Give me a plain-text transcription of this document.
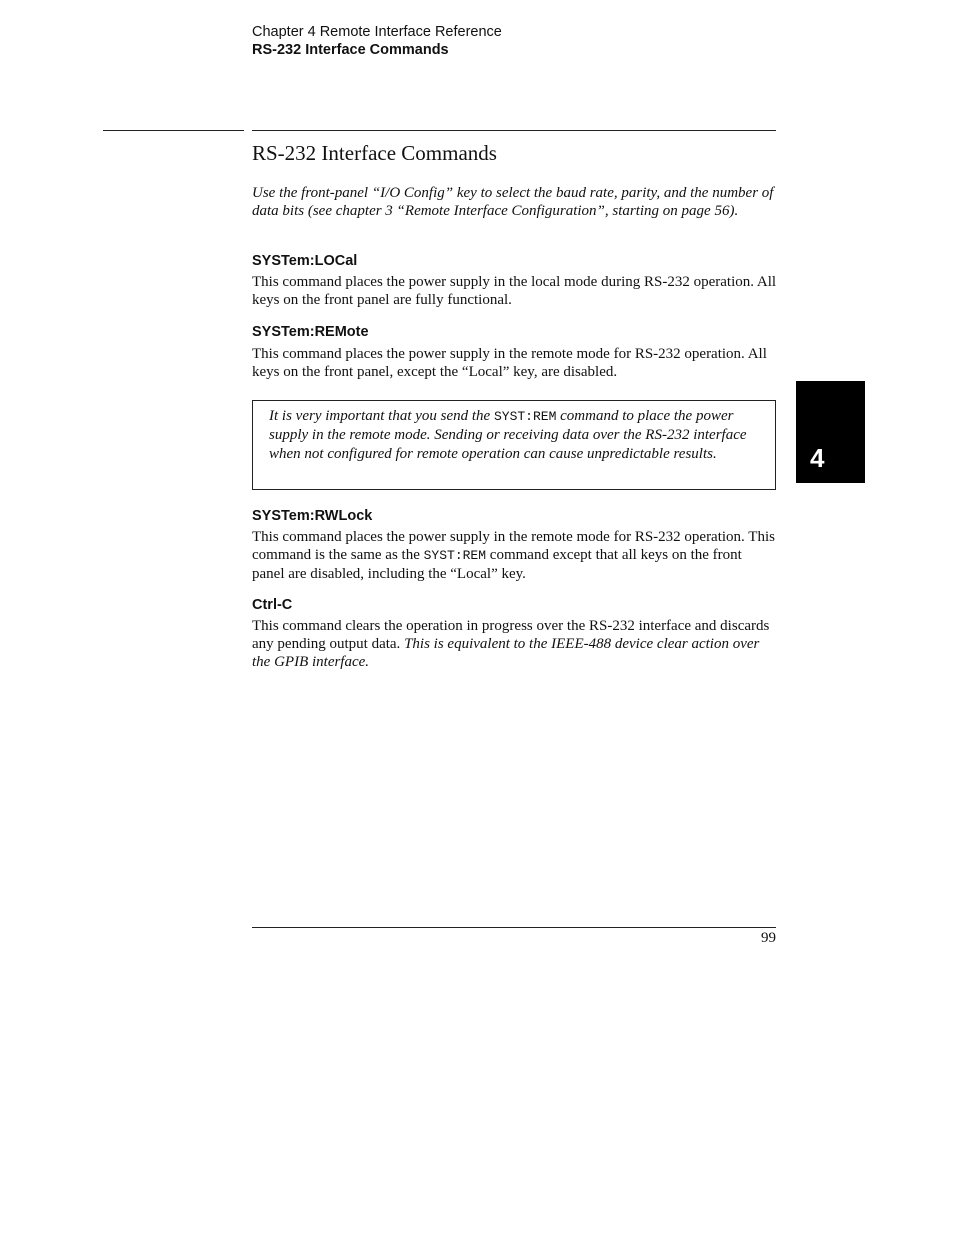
Chapter 4 Remote Interface Reference
RS-232 Interface Commands
RS-232 Interface Commands
Use the front-panel “I/O Config” key to select the baud rate, parity, and the number of data bits (see chapter 3 “Remote Interface Configuration”, starting on page 56).
SYSTem:LOCal
This command places the power supply in the local mode during RS-232 operation. All keys on the front panel are fully functional.
SYSTem:REMote
This command places the power supply in the remote mode for RS-232 operation. All keys on the front panel, except the “Local” key, are disabled.
It is very important that you send the SYST:REM command to place the power supply in the remote mode. Sending or receiving data over the RS-232 interface when not configured for remote operation can cause unpredictable results.
SYSTem:RWLock
This command places the power supply in the remote mode for RS-232 operation. This command is the same as the SYST:REM command except that all keys on the front panel are disabled, including the “Local” key.
Ctrl-C
This command clears the operation in progress over the RS-232 interface and discards any pending output data. This is equivalent to the IEEE-488 device clear action over the GPIB interface.
4
99
